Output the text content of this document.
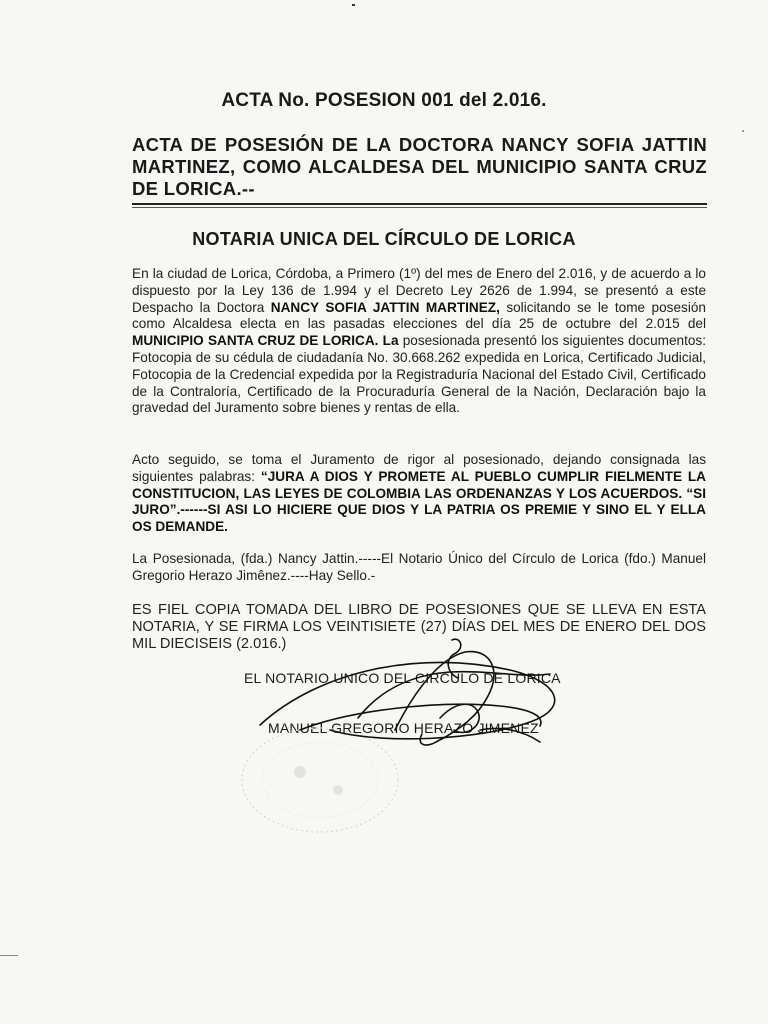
ACTA No. POSESION 001 del 2.016.
ACTA DE POSESIÓN DE LA DOCTORA NANCY SOFIA JATTIN MARTINEZ, COMO ALCALDESA DEL MUNICIPIO SANTA CRUZ DE LORICA.--
NOTARIA UNICA DEL CÍRCULO DE LORICA
En la ciudad de Lorica, Córdoba, a Primero (1º) del mes de Enero del 2.016, y de acuerdo a lo dispuesto por la Ley 136 de 1.994 y el Decreto Ley 2626 de 1.994, se presentó a este Despacho la Doctora NANCY SOFIA JATTIN MARTINEZ, solicitando se le tome posesión como Alcaldesa electa en las pasadas elecciones del día 25 de octubre del 2.015 del MUNICIPIO SANTA CRUZ DE LORICA. La posesionada presentó los siguientes documentos: Fotocopia de su cédula de ciudadanía No. 30.668.262 expedida en Lorica, Certificado Judicial, Fotocopia de la Credencial expedida por la Registraduría Nacional del Estado Civil, Certificado de la Contraloría, Certificado de la Procuraduría General de la Nación, Declaración bajo la gravedad del Juramento sobre bienes y rentas de ella.
Acto seguido, se toma el Juramento de rigor al posesionado, dejando consignada las siguientes palabras: “JURA A DIOS Y PROMETE AL PUEBLO CUMPLIR FIELMENTE LA CONSTITUCION, LAS LEYES DE COLOMBIA LAS ORDENANZAS Y LOS ACUERDOS. “SI JURO”.------SI ASI LO HICIERE QUE DIOS Y LA PATRIA OS PREMIE Y SINO EL Y ELLA OS DEMANDE.
La Posesionada, (fda.) Nancy Jattin.-----El Notario Único del Círculo de Lorica (fdo.) Manuel Gregorio Herazo Jimênez.----Hay Sello.-
ES FIEL COPIA TOMADA DEL LIBRO DE POSESIONES QUE SE LLEVA EN ESTA NOTARIA, Y SE FIRMA LOS VEINTISIETE (27) DÍAS DEL MES DE ENERO DEL DOS MIL DIECISEIS (2.016.)
EL NOTARIO UNICO DEL CIRCULO DE LORICA
MANUEL GREGORIO HERAZO JIMENEZ
